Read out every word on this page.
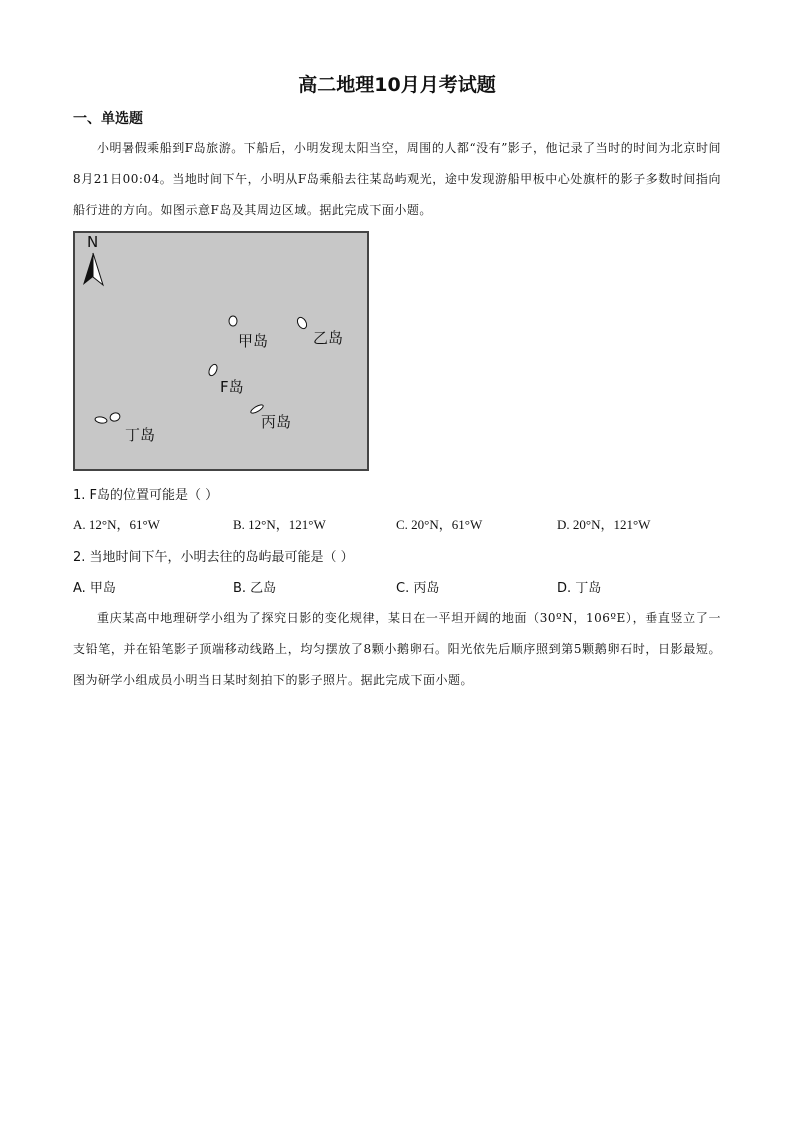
高二地理10月月考试题
一、单选题
小明暑假乘船到F岛旅游。下船后，小明发现太阳当空，周围的人都“没有”影子，他记录了当时的时间为北京时间8月21日00:04。当地时间下午，小明从F岛乘船去往某岛屿观光，途中发现游船甲板中心处旗杆的影子多数时间指向船行进的方向。如图示意F岛及其周边区域。据此完成下面小题。
N
甲岛	乙岛
F岛
丙岛
丁岛
1. F岛的位置可能是（ ）
A. 12°N，61°W	B. 12°N，121°W	C. 20°N，61°W	D. 20°N，121°W
2. 当地时间下午，小明去往的岛屿最可能是（ ）
A. 甲岛	B. 乙岛	C. 丙岛	D. 丁岛
重庆某高中地理研学小组为了探究日影的变化规律，某日在一平坦开阔的地面（30ºN，106ºE），垂直竖立了一支铅笔，并在铅笔影子顶端移动线路上，均匀摆放了8颗小鹅卵石。阳光依先后顺序照到第5颗鹅卵石时，日影最短。图为研学小组成员小明当日某时刻拍下的影子照片。据此完成下面小题。
